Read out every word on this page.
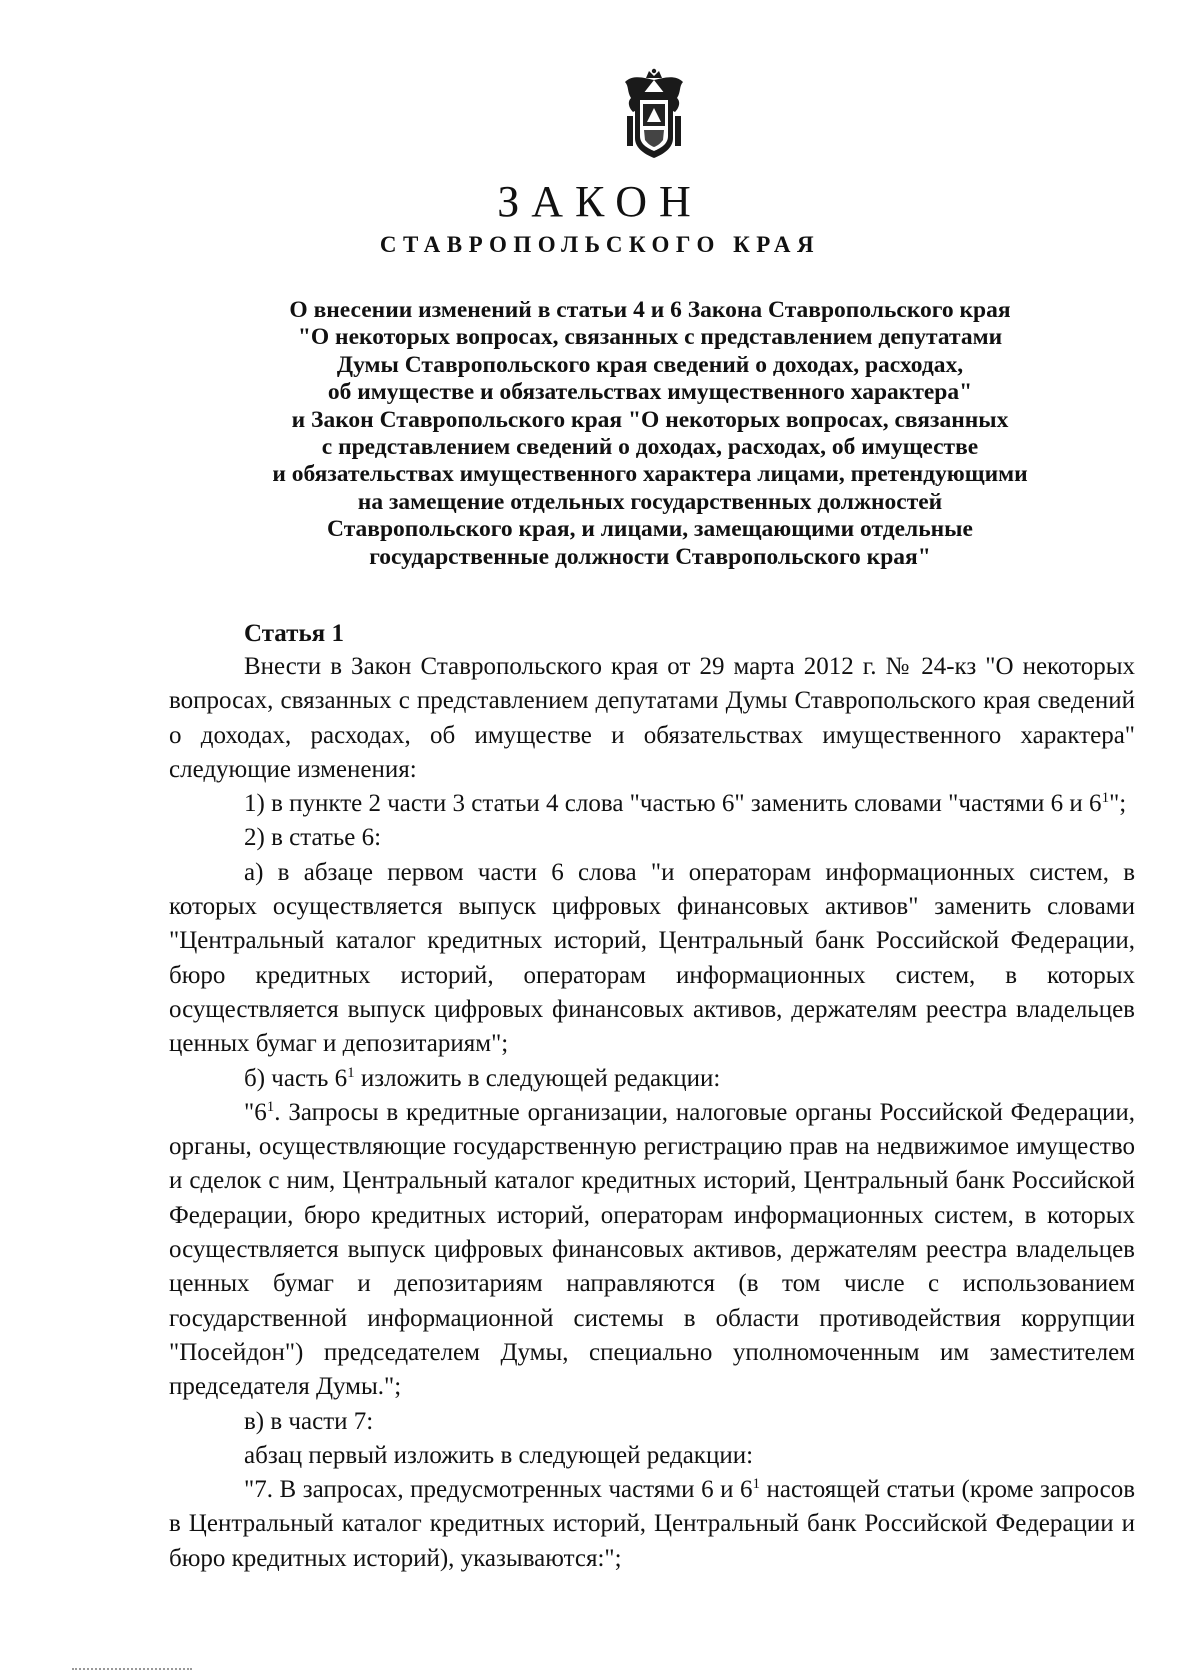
ЗАКОН
СТАВРОПОЛЬСКОГО КРАЯ
О внесении изменений в статьи 4 и 6 Закона Ставропольского края
"О некоторых вопросах, связанных с представлением депутатами
Думы Ставропольского края сведений о доходах, расходах,
об имуществе и обязательствах имущественного характера"
и Закон Ставропольского края "О некоторых вопросах, связанных
с представлением сведений о доходах, расходах, об имуществе
и обязательствах имущественного характера лицами, претендующими
на замещение отдельных государственных должностей
Ставропольского края, и лицами, замещающими отдельные
государственные должности Ставропольского края"
Статья 1

Внести в Закон Ставропольского края от 29 марта 2012 г. № 24-кз "О некоторых вопросах, связанных с представлением депутатами Думы Ставропольского края сведений о доходах, расходах, об имуществе и обязательствах имущественного характера" следующие изменения:

1) в пункте 2 части 3 статьи 4 слова "частью 6" заменить словами "частями 6 и $6^1$";

2) в статье 6:

а) в абзаце первом части 6 слова "и операторам информационных систем, в которых осуществляется выпуск цифровых финансовых активов" заменить словами "Центральный каталог кредитных историй, Центральный банк Российской Федерации, бюро кредитных историй, операторам информационных систем, в которых осуществляется выпуск цифровых финансовых активов, держателям реестра владельцев ценных бумаг и депозитариям";

б) часть $6^1$ изложить в следующей редакции:

"$6^1$. Запросы в кредитные организации, налоговые органы Российской Федерации, органы, осуществляющие государственную регистрацию прав на недвижимое имущество и сделок с ним, Центральный каталог кредитных историй, Центральный банк Российской Федерации, бюро кредитных историй, операторам информационных систем, в которых осуществляется выпуск цифровых финансовых активов, держателям реестра владельцев ценных бумаг и депозитариям направляются (в том числе с использованием государственной информационной системы в области противодействия коррупции "Посейдон") председателем Думы, специально уполномоченным им заместителем председателя Думы.";

в) в части 7:

абзац первый изложить в следующей редакции:

"7. В запросах, предусмотренных частями 6 и $6^1$ настоящей статьи (кроме запросов в Центральный каталог кредитных историй, Центральный банк Российской Федерации и бюро кредитных историй), указываются:";
